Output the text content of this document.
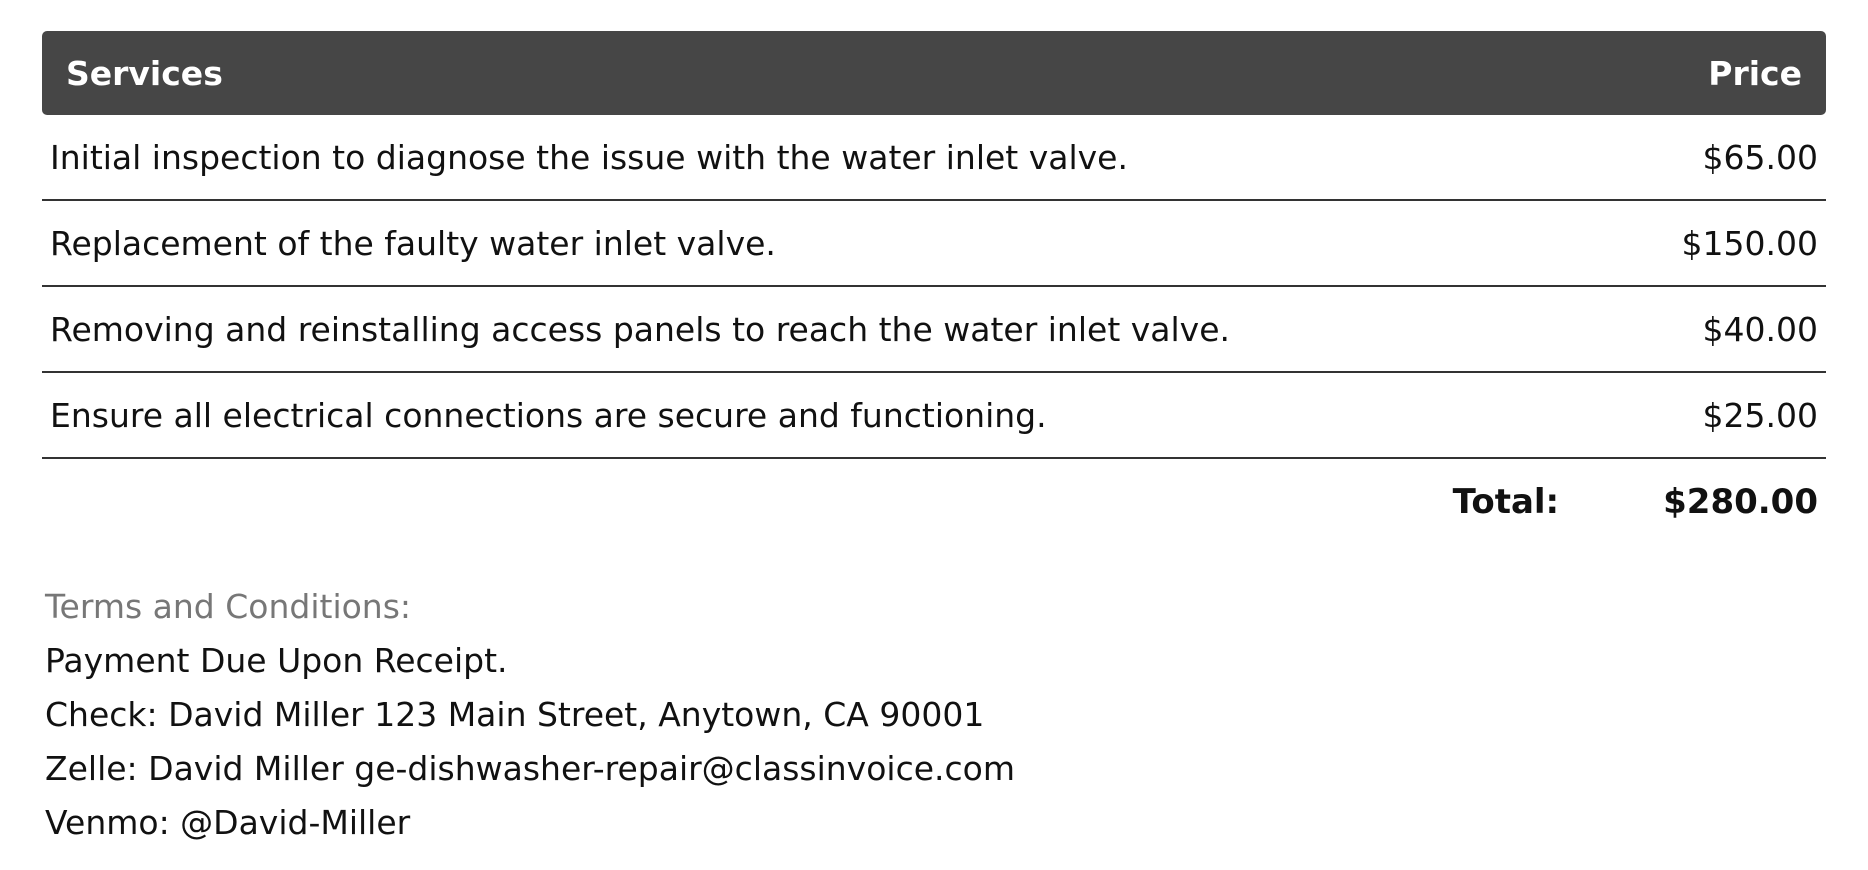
Services	Price
Initial inspection to diagnose the issue with the water inlet valve.	$65.00
Replacement of the faulty water inlet valve.	$150.00
Removing and reinstalling access panels to reach the water inlet valve.	$40.00
Ensure all electrical connections are secure and functioning.	$25.00
Total:	$280.00
Terms and Conditions:
Payment Due Upon Receipt.
Check: David Miller 123 Main Street, Anytown, CA 90001
Zelle: David Miller ge-dishwasher-repair@classinvoice.com
Venmo: @David-Miller
